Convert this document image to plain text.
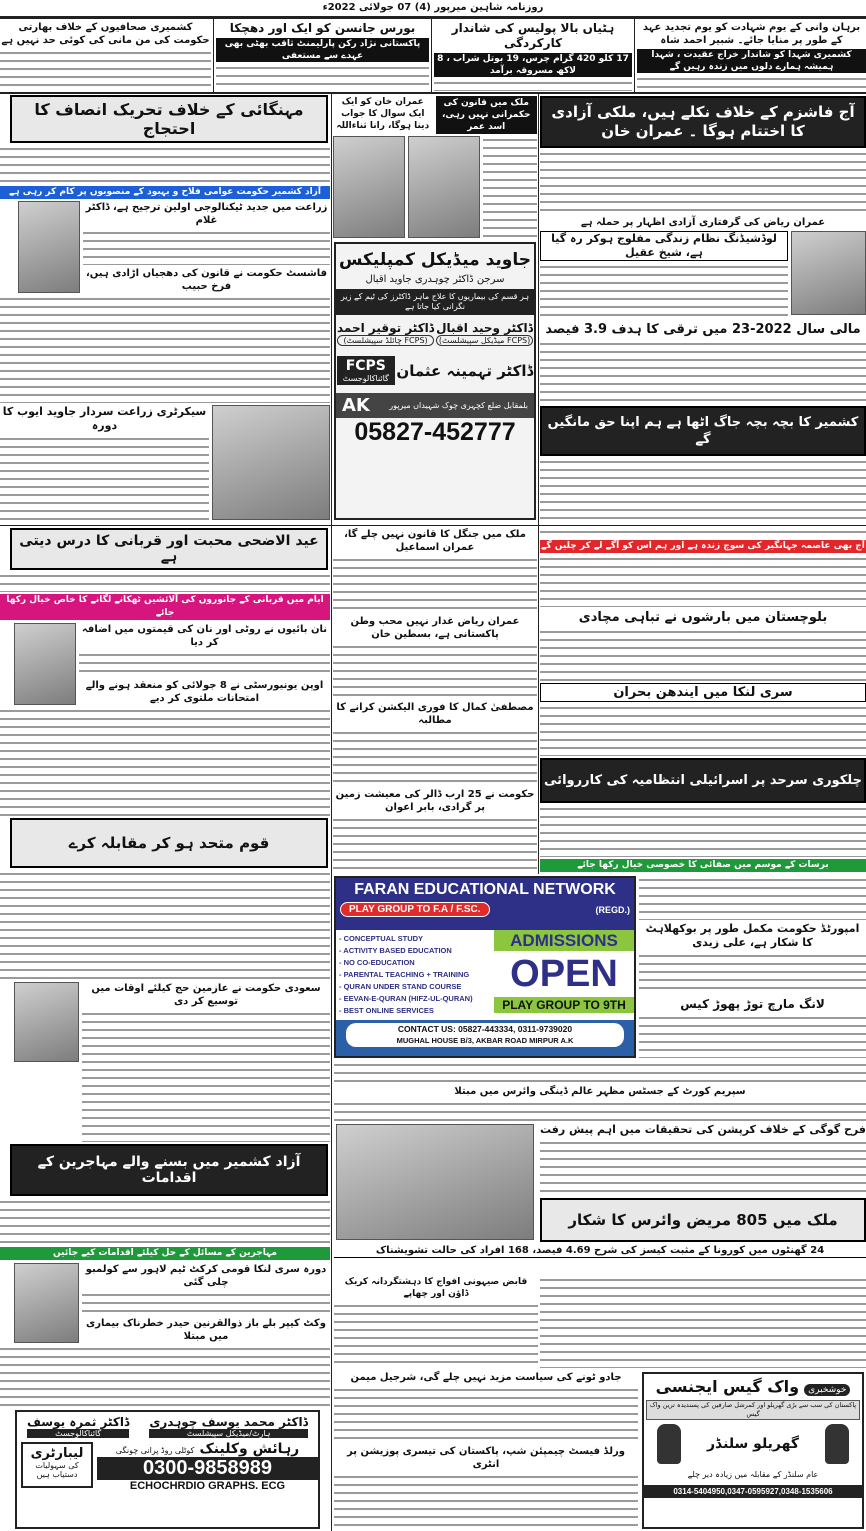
روزنامہ شاہین میرپور (4) 07 جولائی 2022ء
برہان وانی کے یوم شہادت کو یوم تجدید عہد کے طور پر منایا جائے۔ شبیر احمد شاہ
کشمیری شہدا کو شاندار خراج عقیدت ، شہدا ہمیشہ ہمارے دلوں میں زندہ رہیں گے
ہٹیاں بالا پولیس کی شاندار کارکردگی
17 کلو 420 گرام چرس، 19 بوتل شراب ، 8 لاکھ مسروقہ برآمد
بورس جانسن کو ایک اور دھچکا
پاکستانی نژاد رکن پارلیمنٹ ثاقب بھٹی بھی عہدے سے مستعفی
کشمیری صحافیوں کے خلاف بھارتی حکومت کی من مانی کی کوئی حد نہیں ہے
آج فاشزم کے خلاف نکلے ہیں، ملکی آزادی کا اختتام ہوگا ۔ عمران خان
عمران ریاض کی گرفتاری آزادی اظہار پر حملہ ہے
لوڈشیڈنگ نظام زندگی مفلوج ہوکر رہ گیا ہے، شیخ عقیل
مالی سال 2022-23 میں ترقی کا ہدف 3.9 فیصد
کشمیر کا بچہ بچہ جاگ اٹھا ہے ہم اپنا حق مانگیں گے
عمران خان کو ایک ایک سوال کا جواب دینا ہوگا، رانا ثناءاللہ
ملک میں قانون کی حکمرانی نہیں رہی، اسد عمر
جاوید میڈیکل کمپلیکس
سرجن ڈاکٹر چوہدری جاوید اقبال
ہر قسم کی بیماریوں کا علاج ماہر ڈاکٹرز کی ٹیم کے زیر نگرانی کیا جاتا ہے
ڈاکٹر توقیر احمد
(FCPS چائلڈ سپیشلسٹ)
ڈاکٹر وحید اقبال
(FCPS میڈیکل سپیشلسٹ)
FCPS
گائناکالوجسٹ ڈاکٹر تہمینہ عثمان
AK بلمقابل ضلع کچہری چوک شہیداں میرپور
05827-452777
مہنگائی کے خلاف تحریک انصاف کا احتجاج
آزاد کشمیر حکومت عوامی فلاح و بہبود کے منصوبوں پر کام کر رہی ہے
زراعت میں جدید ٹیکنالوجی اولین ترجیح ہے، ڈاکٹر غلام
فاشسٹ حکومت نے قانون کی دھجیاں اڑادی ہیں، فرخ حبیب
سیکرٹری زراعت سردار جاوید ایوب کا دورہ
عید الاضحی محبت اور قربانی کا درس دیتی ہے
ایام میں قربانی کے جانوروں کی آلائشیں ٹھکانے لگانے کا خاص خیال رکھا جائے
نان بائیوں نے روٹی اور نان کی قیمتوں میں اضافہ کر دیا
اوپن یونیورسٹی نے 8 جولائی کو منعقد ہونے والے امتحانات ملتوی کر دیے
قوم متحد ہو کر مقابلہ کرے
سعودی حکومت نے عازمین حج کیلئے اوقات میں توسیع کر دی
آزاد کشمیر میں بسنے والے مہاجرین کے اقدامات
مہاجرین کے مسائل کے حل کیلئے اقدامات کیے جائیں
دورہ سری لنکا قومی کرکٹ ٹیم لاہور سے کولمبو چلی گئی
وکٹ کیپر بلے باز ذوالقرنین حیدر خطرناک بیماری میں مبتلا
ملک میں جنگل کا قانون نہیں چلے گا، عمران اسماعیل
عمران ریاض غدار نہیں محب وطن پاکستانی ہے، بسطین خان
مصطفیٰ کمال کا فوری الیکشن کرانے کا مطالبہ
حکومت نے 25 ارب ڈالر کی معیشت زمین پر گرادی، بابر اعوان
آج بھی عاصمہ جہانگیر کی سوچ زندہ ہے اور ہم اس کو آگے لے کر چلیں گے
بلوچستان میں بارشوں نے تباہی مچادی
سری لنکا میں ایندھن بحران
چلکوری سرحد پر اسرائیلی انتظامیہ کی کارروائی
برسات کے موسم میں صفائی کا خصوصی خیال رکھا جائے
FARAN EDUCATIONAL NETWORK
PLAY GROUP TO F.A / F.SC.	(REGD.)
- CONCEPTUAL STUDY
- ACTIVITY BASED EDUCATION
- NO CO-EDUCATION
- PARENTAL TEACHING + TRAINING
- QURAN UNDER STAND COURSE
- EEVAN-E-QURAN (HIFZ-UL-QURAN)
- BEST ONLINE SERVICES
ADMISSIONS
OPEN
PLAY GROUP TO 9TH
CONTACT US: 05827-443334, 0311-9739020
MUGHAL HOUSE B/3, AKBAR ROAD MIRPUR A.K
امپورٹڈ حکومت مکمل طور پر بوکھلاہٹ کا شکار ہے، علی زیدی
لانگ مارچ توڑ پھوڑ کیس
سپریم کورٹ کے جسٹس مظہر عالم ڈینگی وائرس میں مبتلا
فرح گوگی کے خلاف کرپشن کی تحقیقات میں اہم پیش رفت
ملک میں 805 مریض وائرس کا شکار
24 گھنٹوں میں کورونا کے مثبت کیسز کی شرح 4.69 فیصد، 168 افراد کی حالت تشویشناک
قابض صیہونی افواج کا دہشتگردانہ کریک ڈاؤن اور چھاپے
جادو ٹونے کی سیاست مزید نہیں چلے گی، شرجیل میمن
ورلڈ فیسٹ چیمپئن شپ، پاکستان کی تیسری پوزیشن پر انٹری
ڈاکٹر ثمرہ یوسف
گائناکالوجسٹ
ڈاکٹر محمد یوسف چوہدری
ہارٹ/میڈیکل سپیشلسٹ
لیبارٹری
کی سہولیات دستیاب ہیں
رہائش وکلینک کوٹلی روڈ پرانی چونگی
0300-9858989
ECHOCHRDIO GRAPHS. ECG
خوشخبری واک گیس ایجنسی
پاکستان کی سب سے بڑی گھریلو اور کمرشل صارفین کی پسندیدہ ترین واک گیس
گھریلو سلنڈر
عام سلنڈر کے مقابلہ میں زیادہ دیر چلے
0314-5404950,0347-0595927,0348-1535606
